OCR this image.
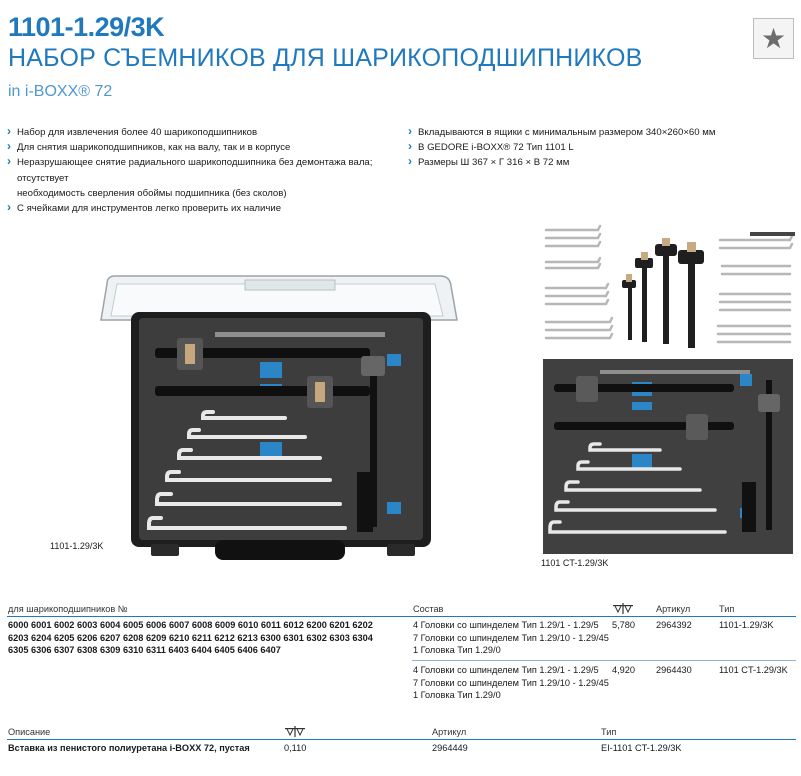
1101-1.29/3K
НАБОР СЪЕМНИКОВ ДЛЯ ШАРИКОПОДШИПНИКОВ
in i-BOXX® 72
★
› Набор для извлечения более 40 шарикоподшипников
› Для снятия шарикоподшипников, как на валу, так и в корпусе
› Неразрушающее снятие радиального шарикоподшипника без демонтажа вала; отсутствует
необходимость сверления обоймы подшипника (без сколов)
› С ячейками для инструментов легко проверить их наличие
› Вкладываются в ящики с минимальным размером 340×260×60 мм
› В GEDORE i-BOXX® 72 Тип 1101 L
› Размеры Ш 367 × Г 316 × В 72 мм
1101-1.29/3K
1101 CT-1.29/3K
для шарикоподшипников №	Состав	Артикул	Тип
6000 6001 6002 6003 6004 6005 6006 6007 6008 6009 6010 6011 6012 6200 6201 6202
6203 6204 6205 6206 6207 6208 6209 6210 6211 6212 6213 6300 6301 6302 6303 6304
6305 6306 6307 6308 6309 6310 6311 6403 6404 6405 6406 6407
4 Головки со шпинделем Тип 1.29/1 - 1.29/5
7 Головки со шпинделем Тип 1.29/10 - 1.29/45
1 Головка Тип 1.29/0
5,780 2964392	1101-1.29/3K
4 Головки со шпинделем Тип 1.29/1 - 1.29/5
7 Головки со шпинделем Тип 1.29/10 - 1.29/45
1 Головка Тип 1.29/0
4,920 2964430	1101 CT-1.29/3K
Описание	Артикул	Тип
Вставка из пенистого полиуретана i-BOXX 72, пустая	0,110	2964449	EI-1101 CT-1.29/3K
